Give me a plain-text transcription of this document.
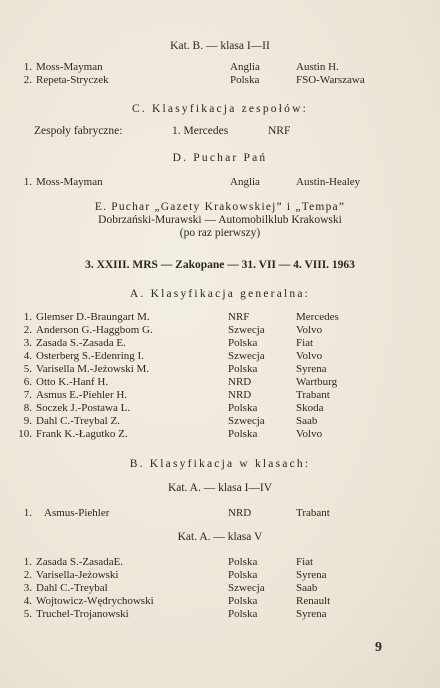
Kat. B. — klasa I—II
1. Moss-Mayman	Anglia	Austin H.
2. Repeta-Stryczek	Polska	FSO-Warszawa
C. Klasyfikacja zespołów:
Zespoły fabryczne:	1. Mercedes	NRF
D. Puchar Pań
1. Moss-Mayman	Anglia	Austin-Healey
E. Puchar „Gazety Krakowskiej” i „Tempa”
Dobrzański-Murawski — Automobilklub Krakowski
(po raz pierwszy)
3. XXIII. MRS — Zakopane — 31. VII — 4. VIII. 1963
A. Klasyfikacja generalna:
1. Glemser D.-Braungart M.	NRF	Mercedes
2. Anderson G.-Haggbom G.	Szwecja	Volvo
3. Zasada S.-Zasada E.	Polska	Fiat
4. Osterberg S.-Edenring I.	Szwecja	Volvo
5. Varisella M.-Jeżowski M.	Polska	Syrena
6. Otto K.-Hanf H.	NRD	Wartburg
7. Asmus E.-Piehler H.	NRD	Trabant
8. Soczek J.-Postawa L.	Polska	Skoda
9. Dahl C.-Treybal Z.	Szwecja	Saab
10. Frank K.-Łagutko Z.	Polska	Volvo
B. Klasyfikacja w klasach:
Kat. A. — klasa I—IV
1. Asmus-Piehler	NRD	Trabant
Kat. A. — klasa V
1. Zasada S.-ZasadaE.	Polska	Fiat
2. Varisella-Jeżowski	Polska	Syrena
3. Dahl C.-Treybal	Szwecja	Saab
4. Wojtowicz-Wędrychowski	Polska	Renault
5. Truchel-Trojanowski	Polska	Syrena
9
